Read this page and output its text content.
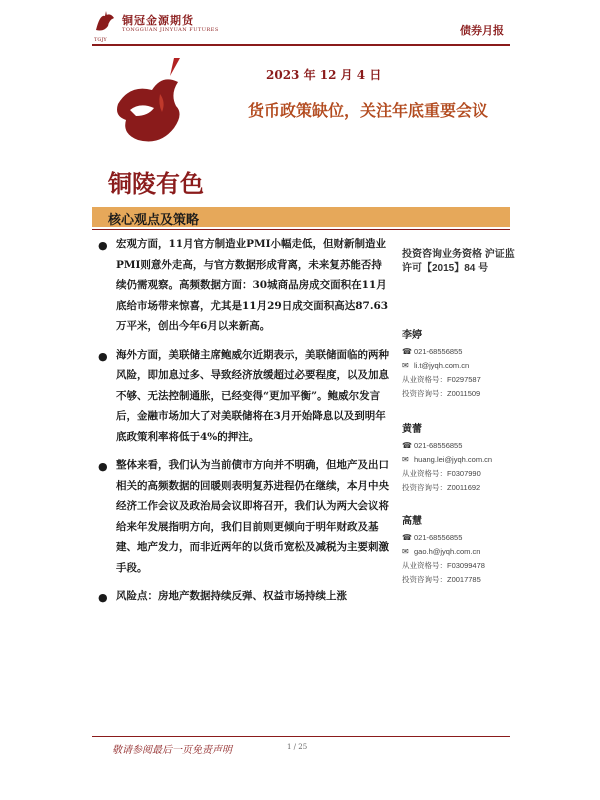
铜冠金源期货
TONGGUAN JINYUAN FUTURES
TGJY
债券月报
铜陵有色
2023 年 12 月 4 日
货币政策缺位，关注年底重要会议
核心观点及策略
● 宏观方面，11月官方制造业PMI小幅走低，但财新制造业PMI则意外走高，与官方数据形成背离，未来复苏能否持续仍需观察。高频数据方面：30城商品房成交面积在11月底给市场带来惊喜，尤其是11月29日成交面积高达87.63万平米，创出今年6月以来新高。
● 海外方面，美联储主席鲍威尔近期表示，美联储面临的两种风险，即加息过多、导致经济放缓超过必要程度，以及加息不够、无法控制通胀，已经变得“更加平衡”。鲍威尔发言后，金融市场加大了对美联储将在3月开始降息以及到明年底政策利率将低于4%的押注。
● 整体来看，我们认为当前债市方向并不明确，但地产及出口相关的高频数据的回暖则表明复苏进程仍在继续，本月中央经济工作会议及政治局会议即将召开，我们认为两大会议将给来年发展指明方向，我们目前则更倾向于明年财政及基建、地产发力，而非近两年的以货币宽松及减税为主要刺激手段。
● 风险点：房地产数据持续反弹、权益市场持续上涨
投资咨询业务资格 沪证监许可【2015】84 号
李婷
☎ 021-68556855
✉ li.t@jyqh.com.cn
从业资格号：F0297587
投资咨询号：Z0011509
黄蕾
☎ 021-68556855
✉ huang.lei@jyqh.com.cn
从业资格号：F0307990
投资咨询号：Z0011692
高慧
☎ 021-68556855
✉ gao.h@jyqh.com.cn
从业资格号：F03099478
投资咨询号：Z0017785
敬请参阅最后一页免责声明	1 / 25
